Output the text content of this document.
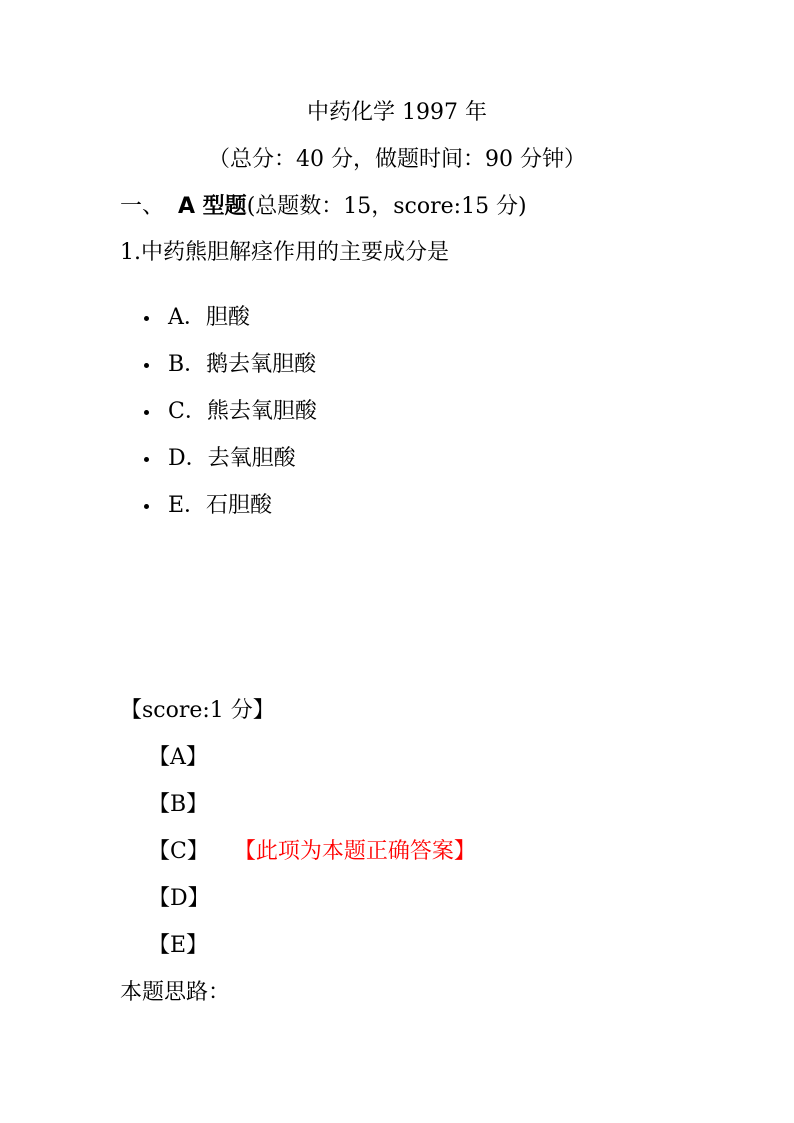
中药化学 1997 年
（总分：40 分，做题时间：90 分钟）
一、 A 型题(总题数：15，score:15 分)
1.中药熊胆解痉作用的主要成分是
A．胆酸
B．鹅去氧胆酸
C．熊去氧胆酸
D．去氧胆酸
E．石胆酸
【score:1 分】
【A】
【B】
【C】 【此项为本题正确答案】
【D】
【E】
本题思路：
